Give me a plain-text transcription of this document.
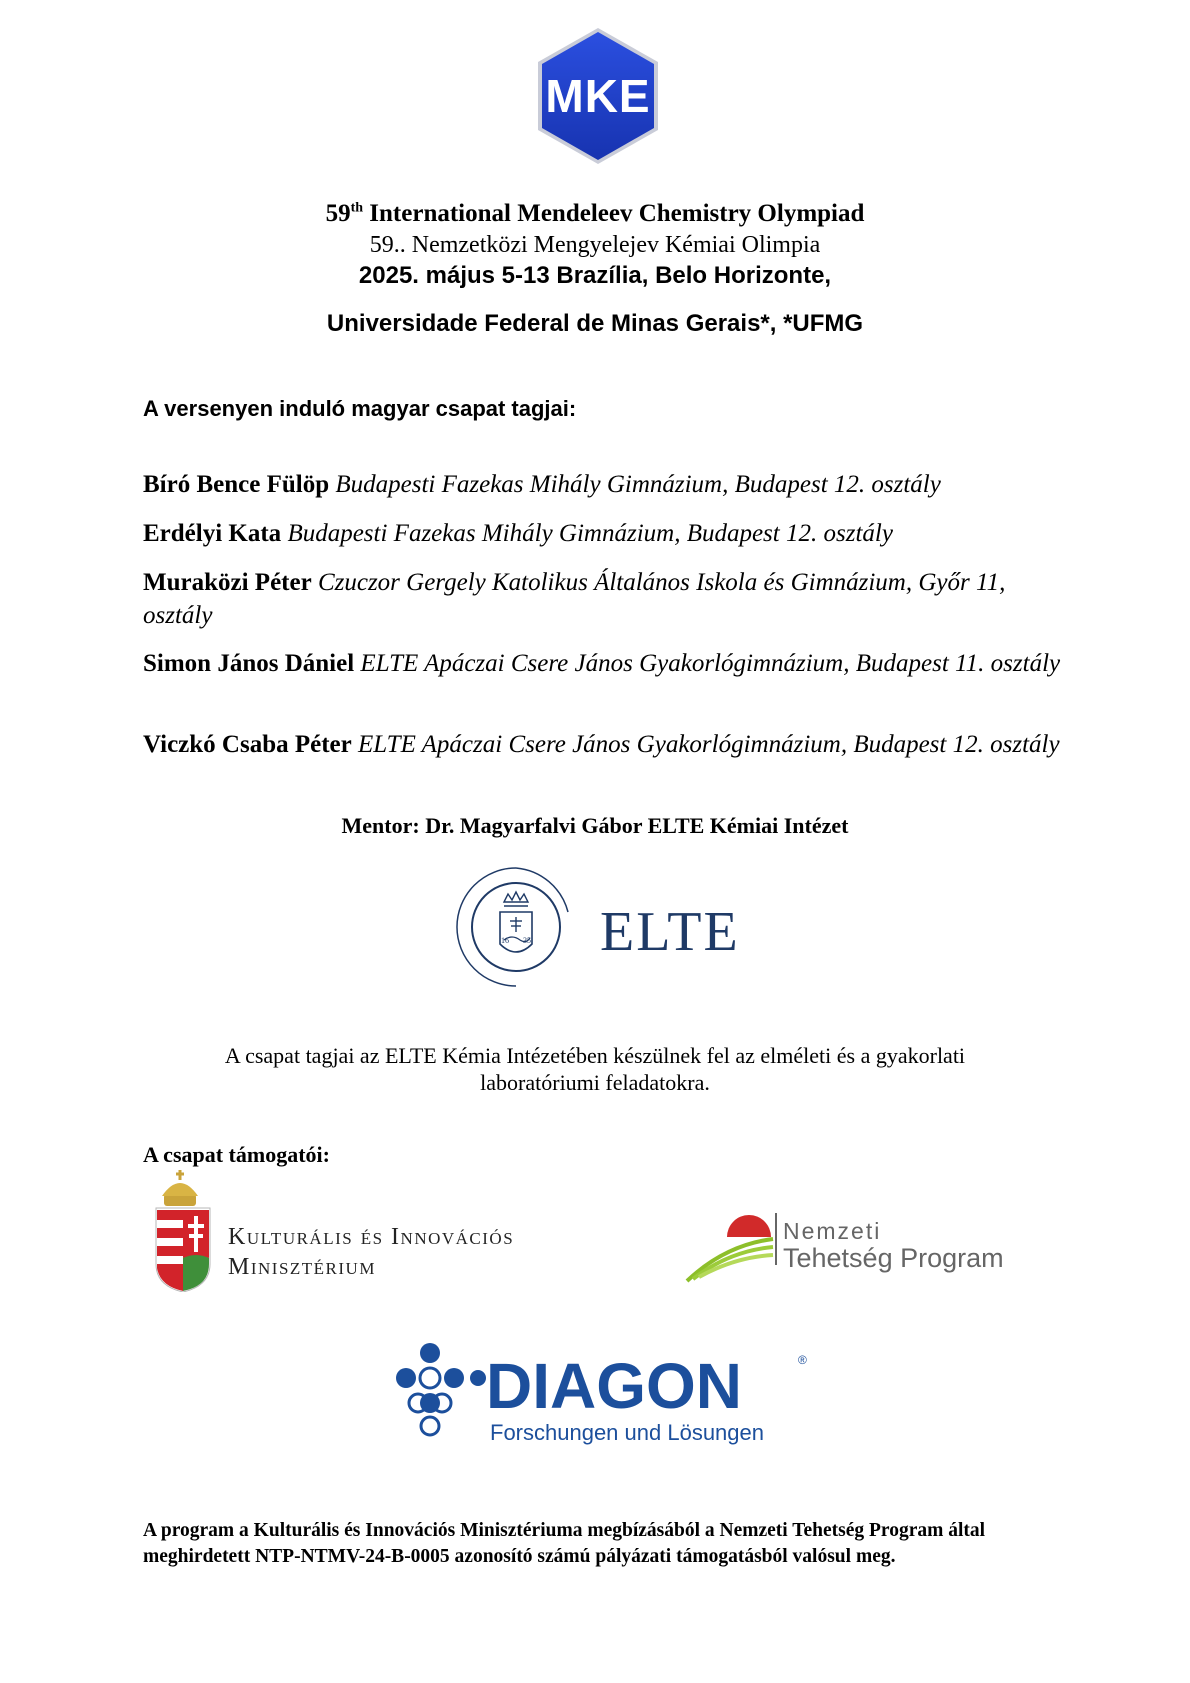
MKE
59th International Mendeleev Chemistry Olympiad
59.. Nemzetközi Mengyelejev Kémiai Olimpia
2025. május 5-13 Brazília, Belo Horizonte,
Universidade Federal de Minas Gerais*, *UFMG
A versenyen induló magyar csapat tagjai:
Bíró Bence Fülöp Budapesti Fazekas Mihály Gimnázium, Budapest 12. osztály
Erdélyi Kata Budapesti Fazekas Mihály Gimnázium, Budapest 12. osztály
Muraközi Péter Czuczor Gergely Katolikus Általános Iskola és Gimnázium, Győr 11, osztály
Simon János Dániel ELTE Apáczai Csere János Gyakorlógimnázium, Budapest 11. osztály
Viczkó Csaba Péter ELTE Apáczai Csere János Gyakorlógimnázium, Budapest 12. osztály
Mentor: Dr. Magyarfalvi Gábor ELTE Kémiai Intézet
16 35 ELTE
A csapat tagjai az ELTE Kémia Intézetében készülnek fel az elméleti és a gyakorlati
laboratóriumi feladatokra.
A csapat támogatói:
Kulturális és Innovációs
Minisztérium
Nemzeti
Tehetség Program
DIAGON	®
Forschungen und Lösungen
A program a Kulturális és Innovációs Minisztériuma megbízásából a Nemzeti Tehetség Program által meghirdetett NTP-NTMV-24-B-0005 azonosító számú pályázati támogatásból valósul meg.
